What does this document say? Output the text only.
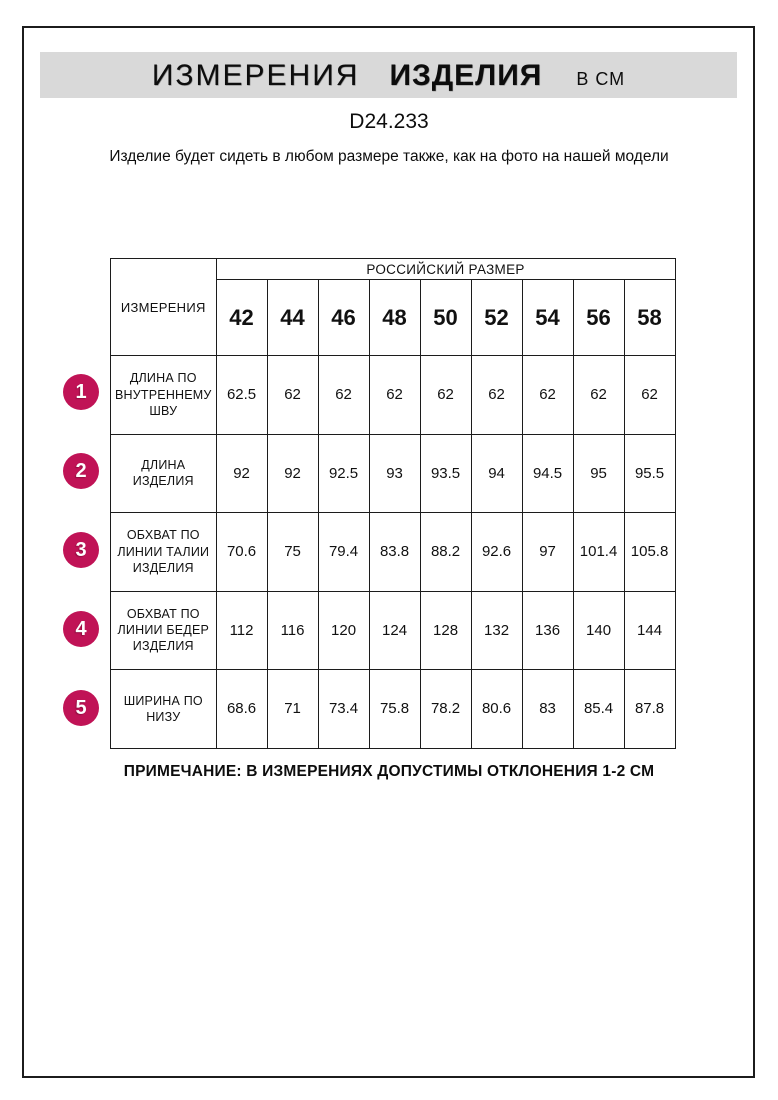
ИЗМЕРЕНИЯ ИЗДЕЛИЯ В СМ
D24.233
Изделие будет сидеть в любом размере также, как на фото на нашей модели
ИЗМЕРЕНИЯ	РОССИЙСКИЙ РАЗМЕР								
	42	44	46	48	50	52	54	56	58
ДЛИНА ПО ВНУТРЕННЕМУ ШВУ	62.5	62	62	62	62	62	62	62	62
ДЛИНА ИЗДЕЛИЯ	92	92	92.5	93	93.5	94	94.5	95	95.5
ОБХВАТ ПО ЛИНИИ ТАЛИИ ИЗДЕЛИЯ	70.6	75	79.4	83.8	88.2	92.6	97	101.4	105.8
ОБХВАТ ПО ЛИНИИ БЕДЕР ИЗДЕЛИЯ	112	116	120	124	128	132	136	140	144
ШИРИНА ПО НИЗУ	68.6	71	73.4	75.8	78.2	80.6	83	85.4	87.8
1
2
3
4
5
ПРИМЕЧАНИЕ: В ИЗМЕРЕНИЯХ ДОПУСТИМЫ ОТКЛОНЕНИЯ 1-2 СМ
